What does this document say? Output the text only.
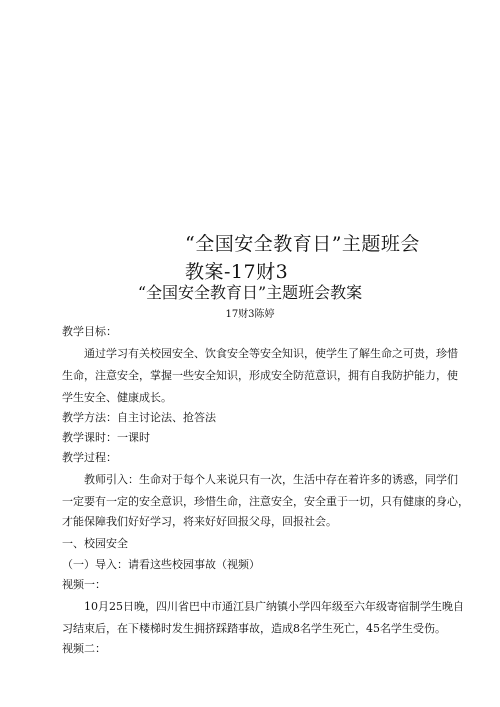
“全国安全教育日”主题班会
教案-17财3
“全国安全教育日”主题班会教案
17财3陈婷
教学目标：
通过学习有关校园安全、饮食安全等安全知识，使学生了解生命之可贵，珍惜
生命，注意安全，掌握一些安全知识，形成安全防范意识，拥有自我防护能力，使
学生安全、健康成长。
教学方法：自主讨论法、抢答法
教学课时：一课时
教学过程：
教师引入：生命对于每个人来说只有一次，生活中存在着许多的诱惑，同学们
一定要有一定的安全意识，珍惜生命，注意安全，安全重于一切，只有健康的身心，
才能保障我们好好学习，将来好好回报父母，回报社会。
一、校园安全
（一）导入：请看这些校园事故（视频）
视频一：
10月25日晚，四川省巴中市通江县广纳镇小学四年级至六年级寄宿制学生晚自
习结束后，在下楼梯时发生拥挤踩踏事故，造成8名学生死亡，45名学生受伤。
视频二：
